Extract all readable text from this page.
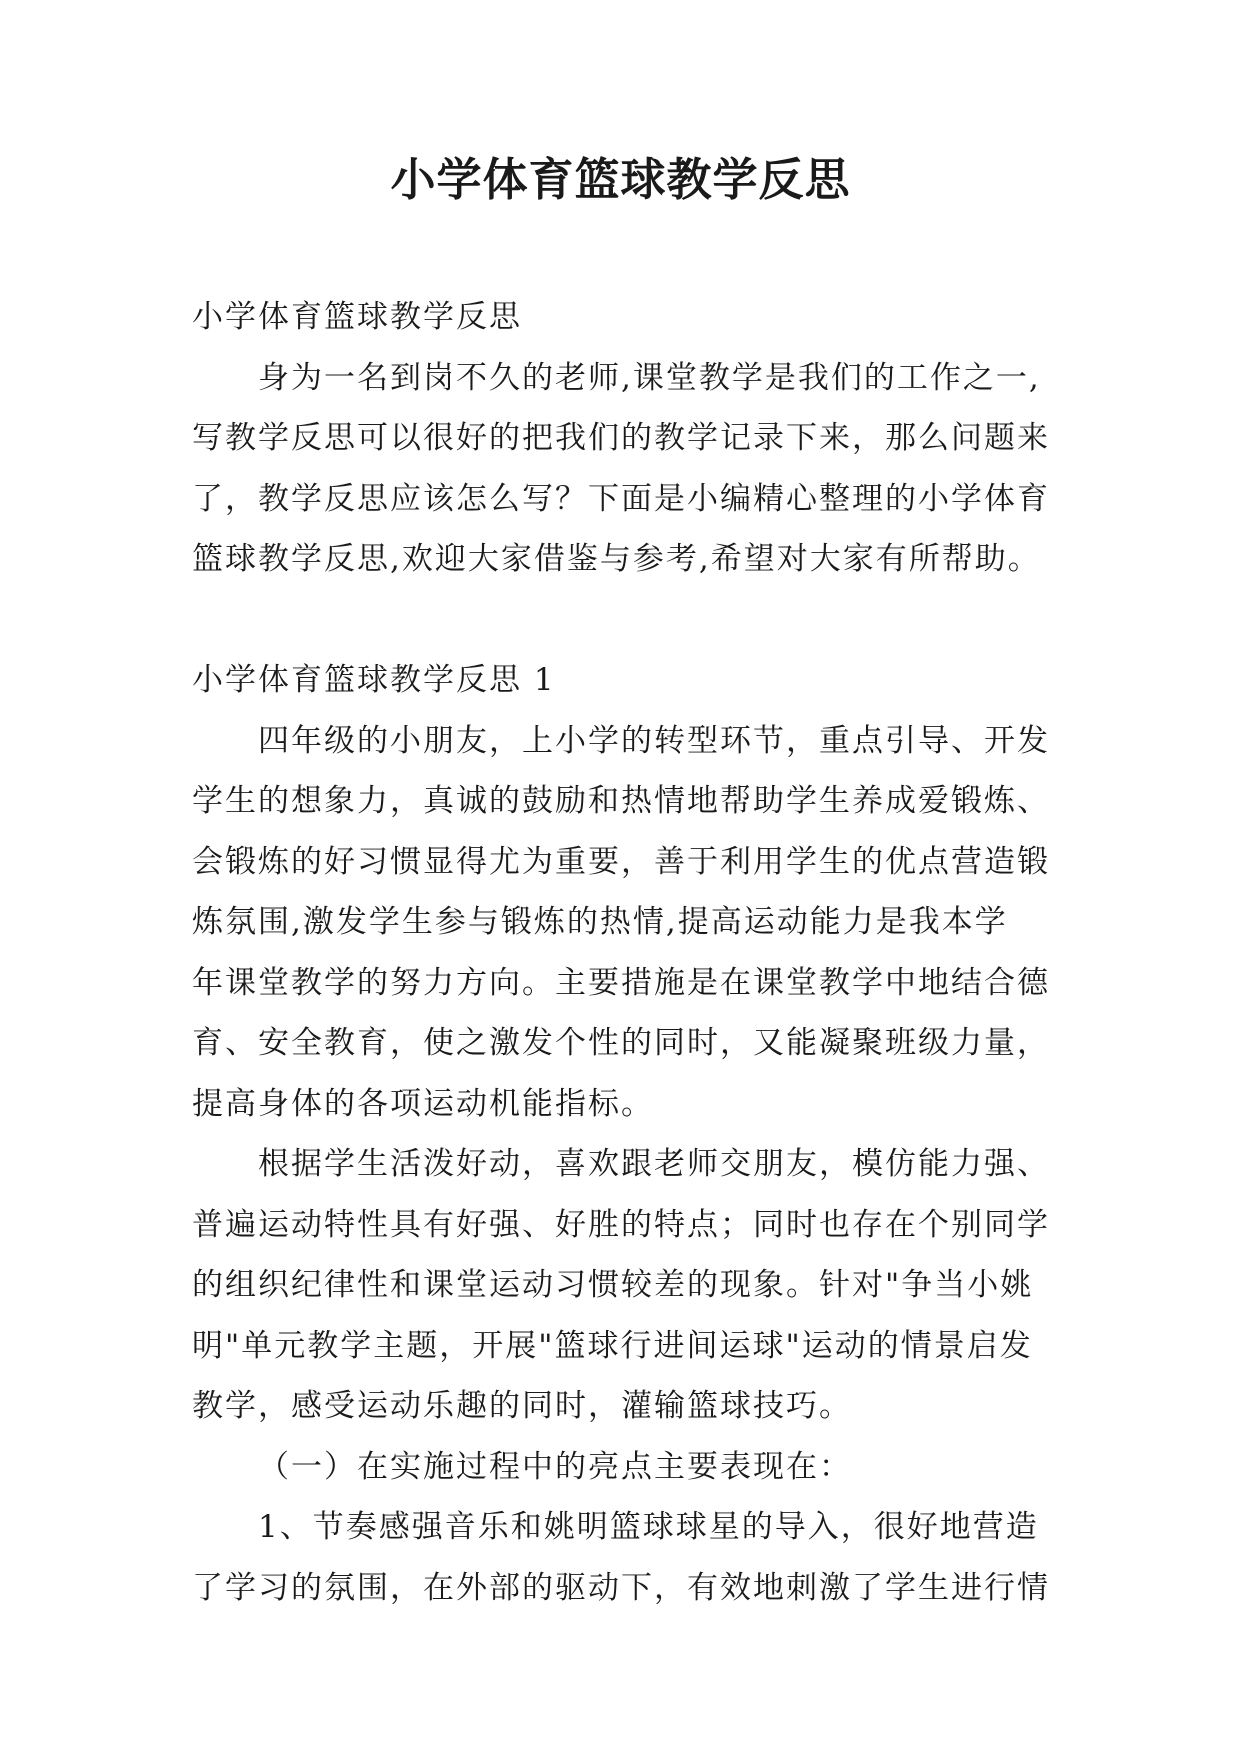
小学体育篮球教学反思
小学体育篮球教学反思
身为一名到岗不久的老师,课堂教学是我们的工作之一,
写教学反思可以很好的把我们的教学记录下来，那么问题来
了，教学反思应该怎么写？下面是小编精心整理的小学体育
篮球教学反思,欢迎大家借鉴与参考,希望对大家有所帮助。
小学体育篮球教学反思 1
四年级的小朋友，上小学的转型环节，重点引导、开发
学生的想象力，真诚的鼓励和热情地帮助学生养成爱锻炼、
会锻炼的好习惯显得尤为重要，善于利用学生的优点营造锻
炼氛围,激发学生参与锻炼的热情,提高运动能力是我本学
年课堂教学的努力方向。主要措施是在课堂教学中地结合德
育、安全教育，使之激发个性的同时，又能凝聚班级力量，
提高身体的各项运动机能指标。
根据学生活泼好动，喜欢跟老师交朋友，模仿能力强、
普遍运动特性具有好强、好胜的特点；同时也存在个别同学
的组织纪律性和课堂运动习惯较差的现象。针对"争当小姚
明"单元教学主题，开展"篮球行进间运球"运动的情景启发
教学，感受运动乐趣的同时，灌输篮球技巧。
（一）在实施过程中的亮点主要表现在：
1、节奏感强音乐和姚明篮球球星的导入，很好地营造
了学习的氛围，在外部的驱动下，有效地刺激了学生进行情
